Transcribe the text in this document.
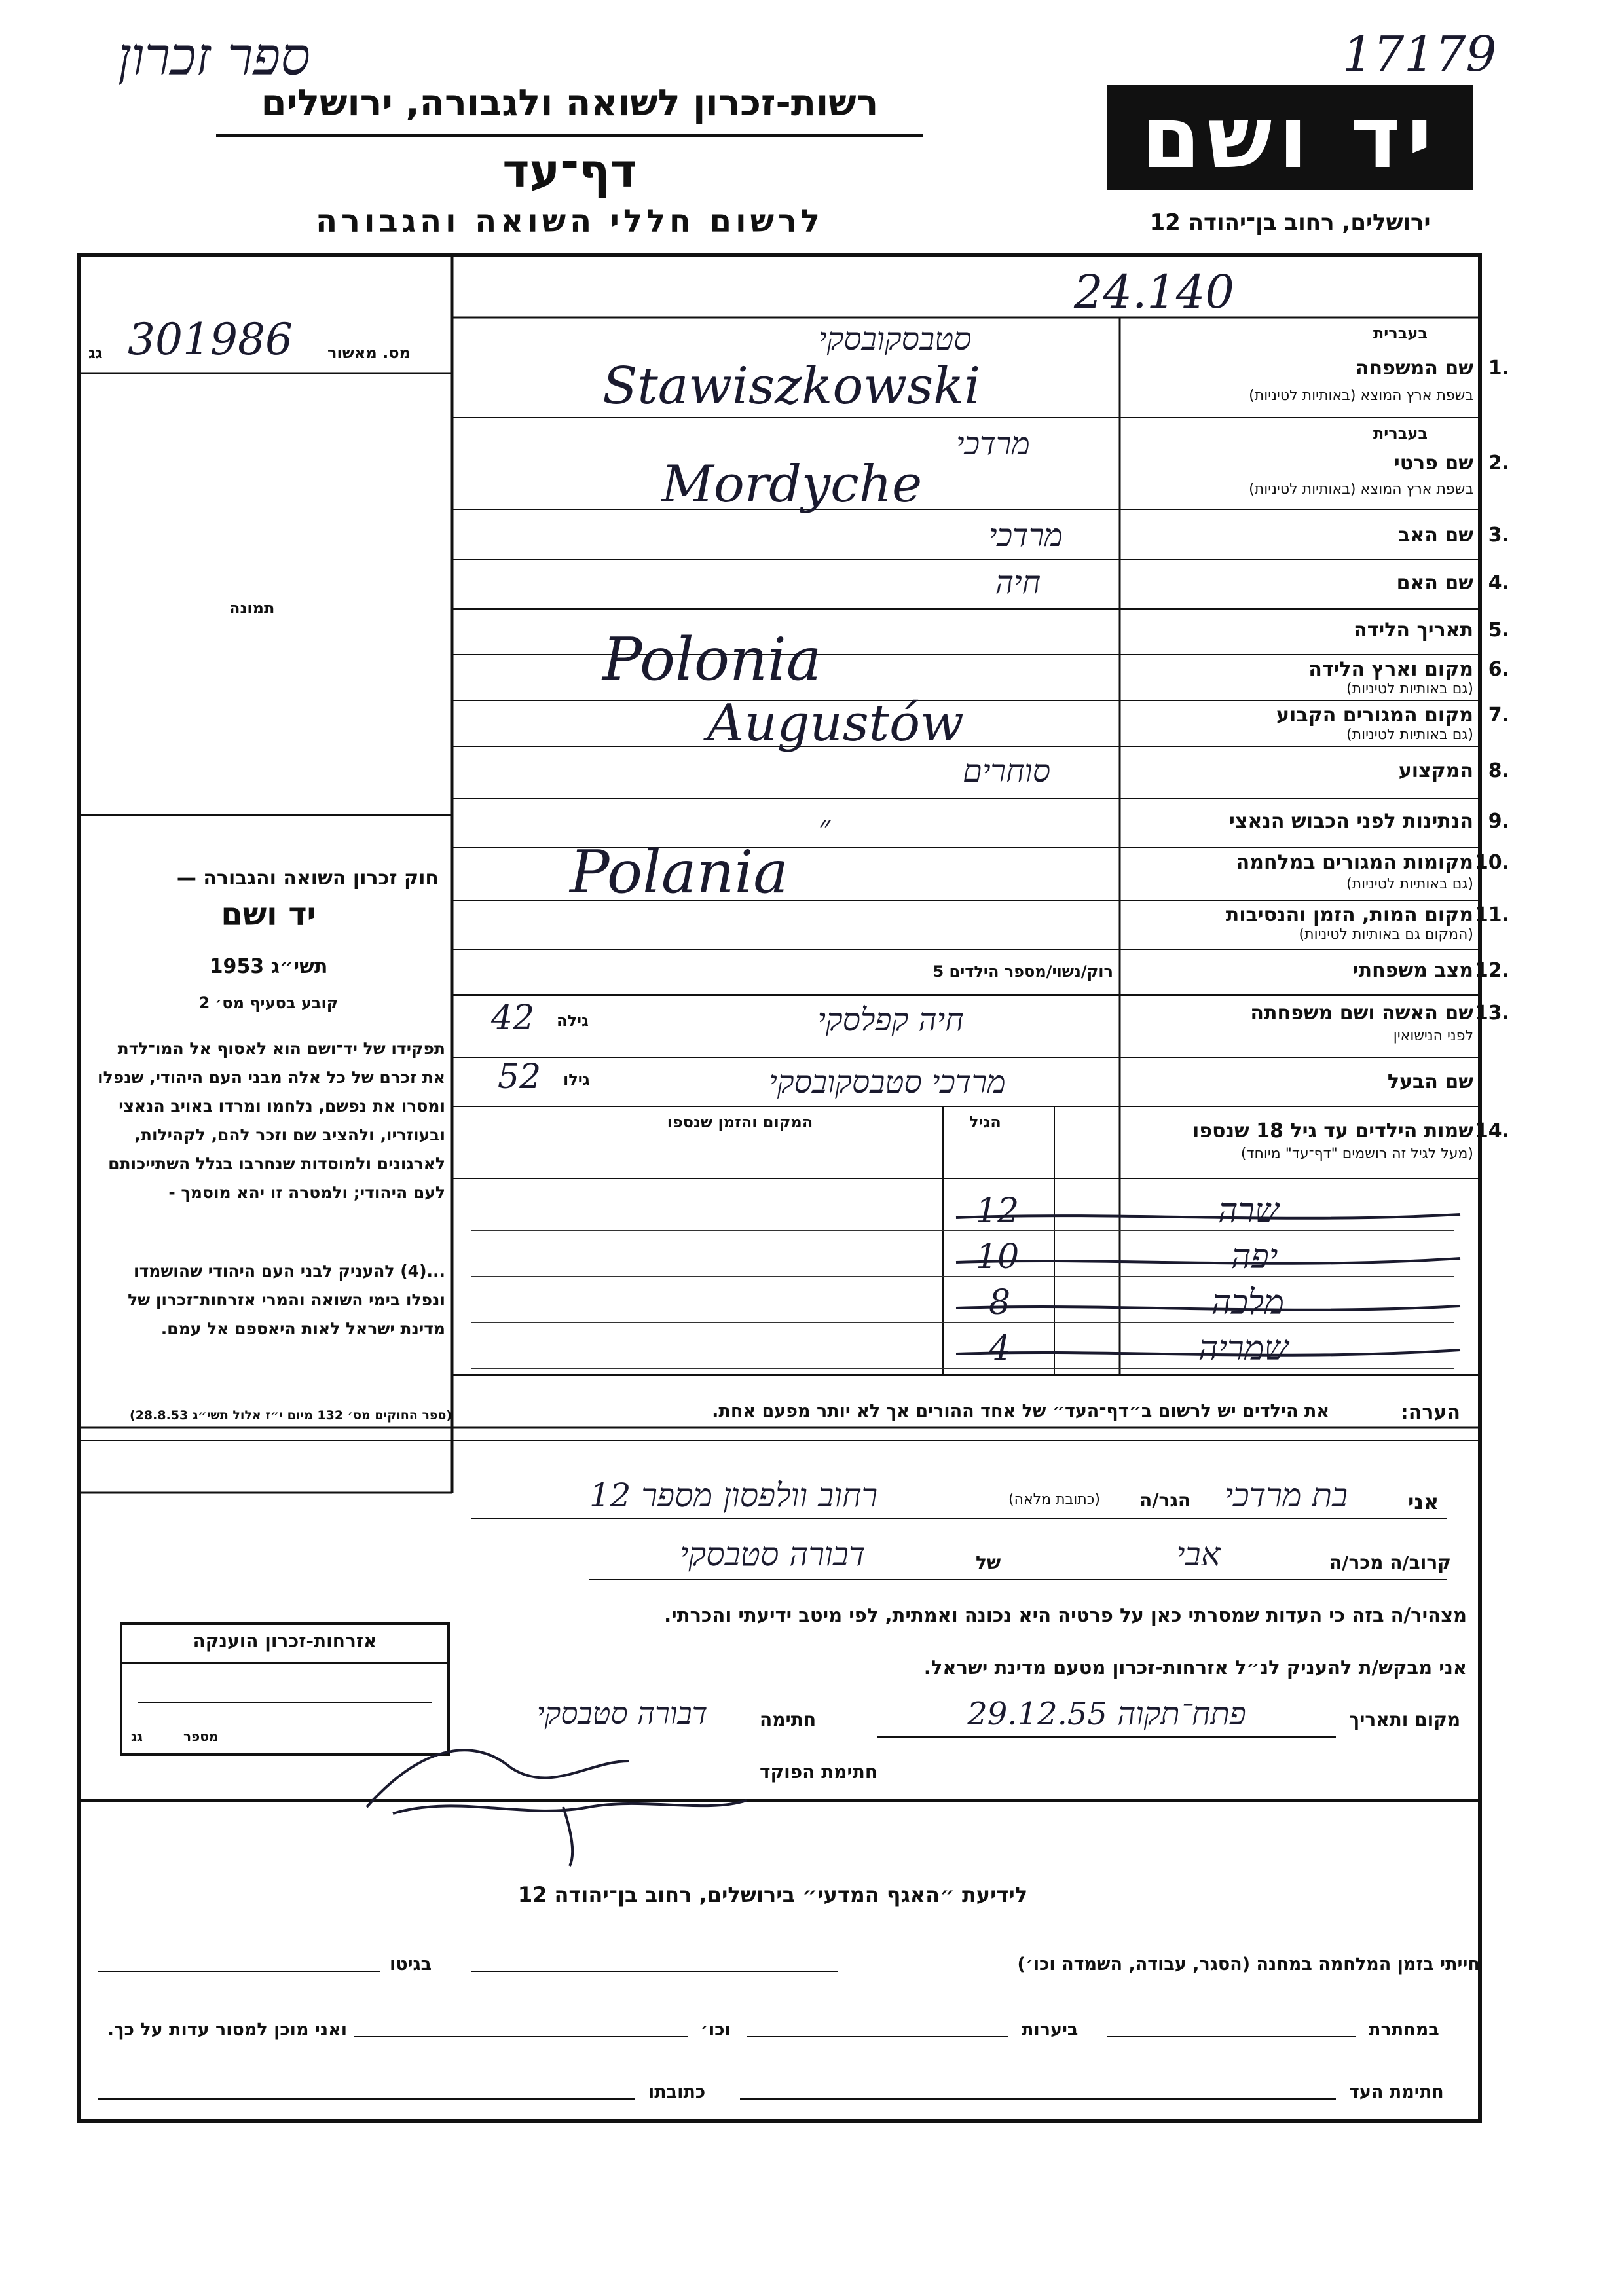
ספר זכרון	17179
רשות-זכרון לשואה ולגבורה, ירושלים
דף־עד
לרשום חללי השואה והגבורה
יד ושם
ירושלים, רחוב בן־יהודה 12
24.140
מס. מאשור
301986
גג
תמונה
בעברית
1.
שם המשפחה
בשפת ארץ המוצא (באותיות לטיניות)
בעברית
2.
שם פרטי
בשפת ארץ המוצא (באותיות לטיניות)
3.
שם האב
4.
שם האם
5.
תאריך הלידה
6.
מקום וארץ הלידה
(גם באותיות לטיניות)
7.
מקום המגורים הקבוע
(גם באותיות לטיניות)
8.
המקצוע
9.
הנתינות לפני הכבוש הנאצי
10.
מקומות המגורים במלחמה
(גם באותיות לטיניות)
11.
מקום המות, הזמן והנסיבות
(המקום גם באותיות לטיניות)
12.
מצב משפחתי
13.
שם האשה ושם משפחתה
לפני הנישואין
שם הבעל
14.
שמות הילדים עד גיל 18 שנספו
(מעל לגיל זה רושמים "דף־עד" מיוחד)
הגיל
המקום והזמן שנספו
סטבסקובסקי
Stawiszkowski
מרדכי
Mordyche
מרדכי
חיה
Polonia
Augustów
סוחרים
״
Polania
רוק/נשוי/מספר הילדים 5
חיה קפלסקי
גילה
42
מרדכי סטבסקובסקי
גילו
52
שרה
12
יפה
10
מלכה
8
שמריה
4
חוק זכרון השואה והגבורה —
יד ושם
תשי״ג 1953
קובע בסעיף מס׳ 2
תפקידו של יד־ושם הוא לאסוף אל המו־לדת את זכרם של כל אלה מבני העם היהודי, שנפלו ומסרו את נפשם, נלחמו ומרדו באויב הנאצי ובעוזריו, ולהציב שם וזכר להם, לקהילות, לארגונים ולמוסדות שנחרבו בגלל השתייכותם לעם היהודי; ולמטרה זו יהא מוסמך -
...(4) להעניק לבני העם היהודי שהושמדו ונפלו בימי השואה והמרי אזרחות־זכרון של מדינת ישראל לאות היאספם אל עמם.
(ספר החוקים מס׳ 132 מיום י״ז אלול תשי״ג 28.8.53)	הערה:
את הילדים יש לרשום ב״דף־העד״ של אחד ההורים אך לא יותר מפעם אחת.
אני
בת מרדכי
הגר/ה
(כתובת מלאה)
רחוב וולפסון מספר 12
קרוב/ה מכר/ה
אבי
של
דבורה סטבסקי
מצהיר/ה בזה כי העדות שמסרתי כאן על פרטיה היא נכונה ואמתית, לפי מיטב ידיעתי והכרתי.
אני מבקש/ת להעניק לנ״ל אזרחות-זכרון מטעם מדינת ישראל.
מקום ותאריך
פתח־תקוה 29.12.55
חתימה
דבורה סטבסקי
חתימת הפוקד
אזרחות-זכרון הוענקה
מספר
גג
לידיעת ״האגף המדעי״ בירושלים, רחוב בן־יהודה 12
חייתי בזמן המלחמה במחנה (הסגר, עבודה, השמדה וכו׳)
בגיטו
במחתרת
ביערות
וכו׳
ואני מוכן למסור עדות על כך.
חתימת העד
כתובתו
